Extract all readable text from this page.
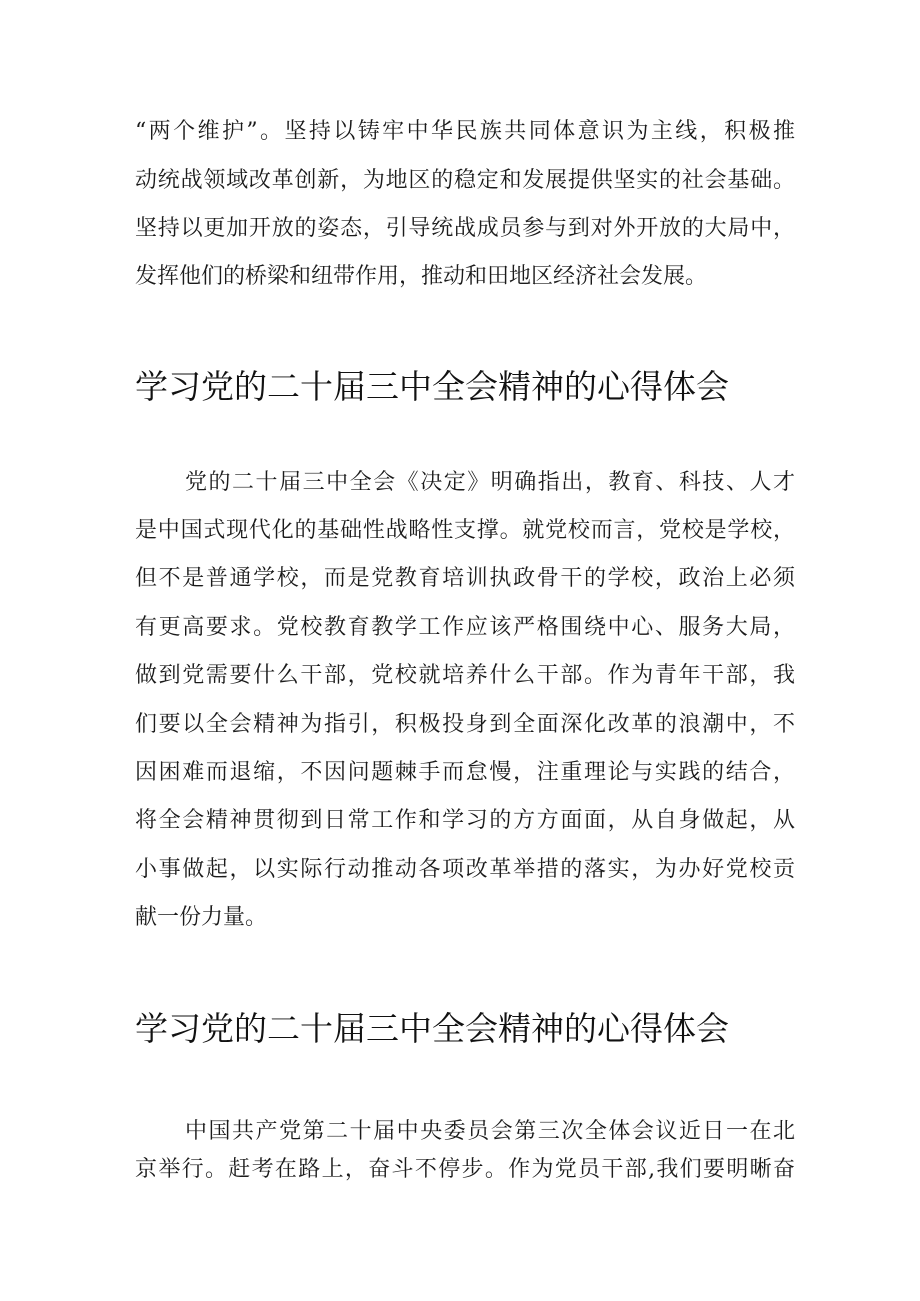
“两个维护”。坚持以铸牢中华民族共同体意识为主线，积极推
动统战领域改革创新，为地区的稳定和发展提供坚实的社会基础。
坚持以更加开放的姿态，引导统战成员参与到对外开放的大局中，
发挥他们的桥梁和纽带作用，推动和田地区经济社会发展。
学习党的二十届三中全会精神的心得体会
党的二十届三中全会《决定》明确指出，教育、科技、人才
是中国式现代化的基础性战略性支撑。就党校而言，党校是学校，
但不是普通学校，而是党教育培训执政骨干的学校，政治上必须
有更高要求。党校教育教学工作应该严格围绕中心、服务大局，
做到党需要什么干部，党校就培养什么干部。作为青年干部，我
们要以全会精神为指引，积极投身到全面深化改革的浪潮中，不
因困难而退缩，不因问题棘手而怠慢，注重理论与实践的结合，
将全会精神贯彻到日常工作和学习的方方面面，从自身做起，从
小事做起，以实际行动推动各项改革举措的落实，为办好党校贡
献一份力量。
学习党的二十届三中全会精神的心得体会
中国共产党第二十届中央委员会第三次全体会议近日一在北
京举行。赶考在路上，奋斗不停步。作为党员干部,我们要明晰奋
